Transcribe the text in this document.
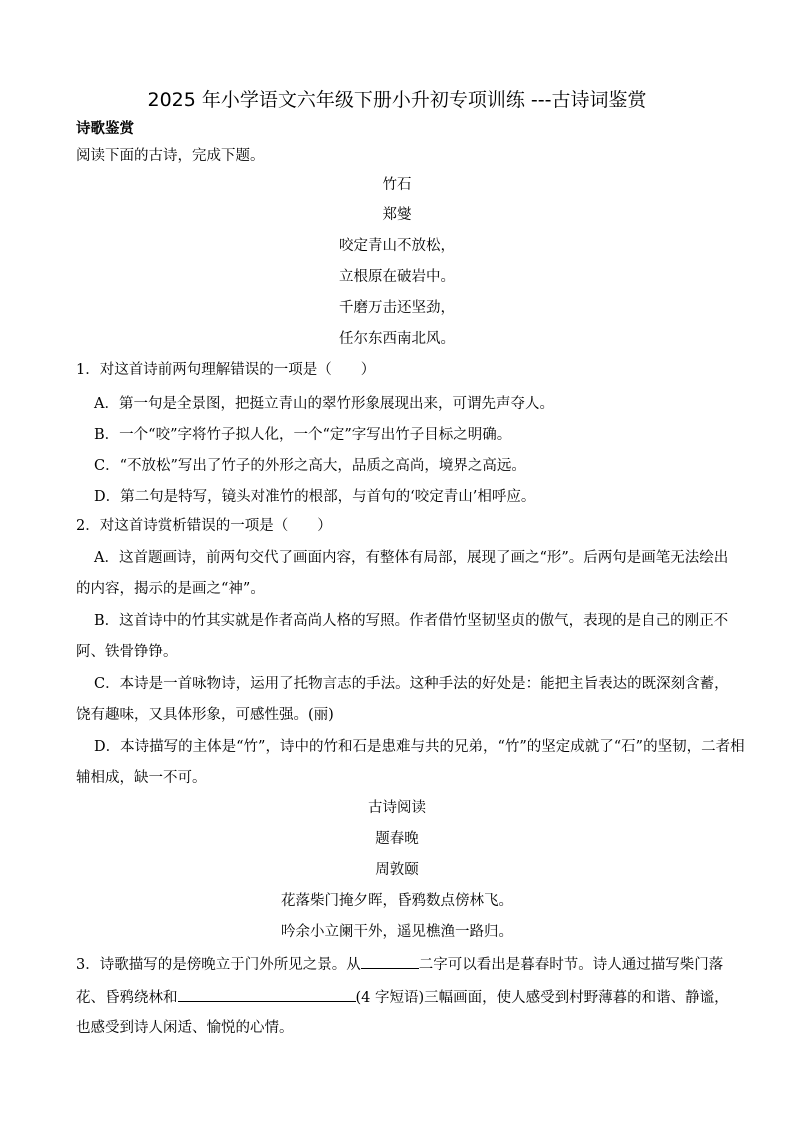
2025 年小学语文六年级下册小升初专项训练 ---古诗词鉴赏
诗歌鉴赏
阅读下面的古诗，完成下题。
竹石
郑燮
咬定青山不放松，
立根原在破岩中。
千磨万击还坚劲，
任尔东西南北风。
1．对这首诗前两句理解错误的一项是（　　）
A．第一句是全景图，把挺立青山的翠竹形象展现出来，可谓先声夺人。
B．一个“咬”字将竹子拟人化，一个“定”字写出竹子目标之明确。
C．“不放松”写出了竹子的外形之高大，品质之高尚，境界之高远。
D．第二句是特写，镜头对准竹的根部，与首句的‘咬定青山’相呼应。
2．对这首诗赏析错误的一项是（　　）
A．这首题画诗，前两句交代了画面内容，有整体有局部，展现了画之“形”。后两句是画笔无法绘出
的内容，揭示的是画之“神”。
B．这首诗中的竹其实就是作者高尚人格的写照。作者借竹坚韧坚贞的傲气，表现的是自己的刚正不
阿、铁骨铮铮。
C．本诗是一首咏物诗，运用了托物言志的手法。这种手法的好处是：能把主旨表达的既深刻含蓄，
饶有趣味，又具体形象，可感性强。(丽)
D．本诗描写的主体是“竹”，诗中的竹和石是患难与共的兄弟，“竹”的坚定成就了“石”的坚韧，二者相
辅相成，缺一不可。
古诗阅读
题春晚
周敦颐
花落柴门掩夕晖，昏鸦数点傍林飞。
吟余小立阑干外，遥见樵渔一路归。
3．诗歌描写的是傍晚立于门外所见之景。从	二字可以看出是暮春时节。诗人通过描写柴门落
花、昏鸦绕林和	(4 字短语)三幅画面，使人感受到村野薄暮的和谐、静谧，
也感受到诗人闲适、愉悦的心情。
